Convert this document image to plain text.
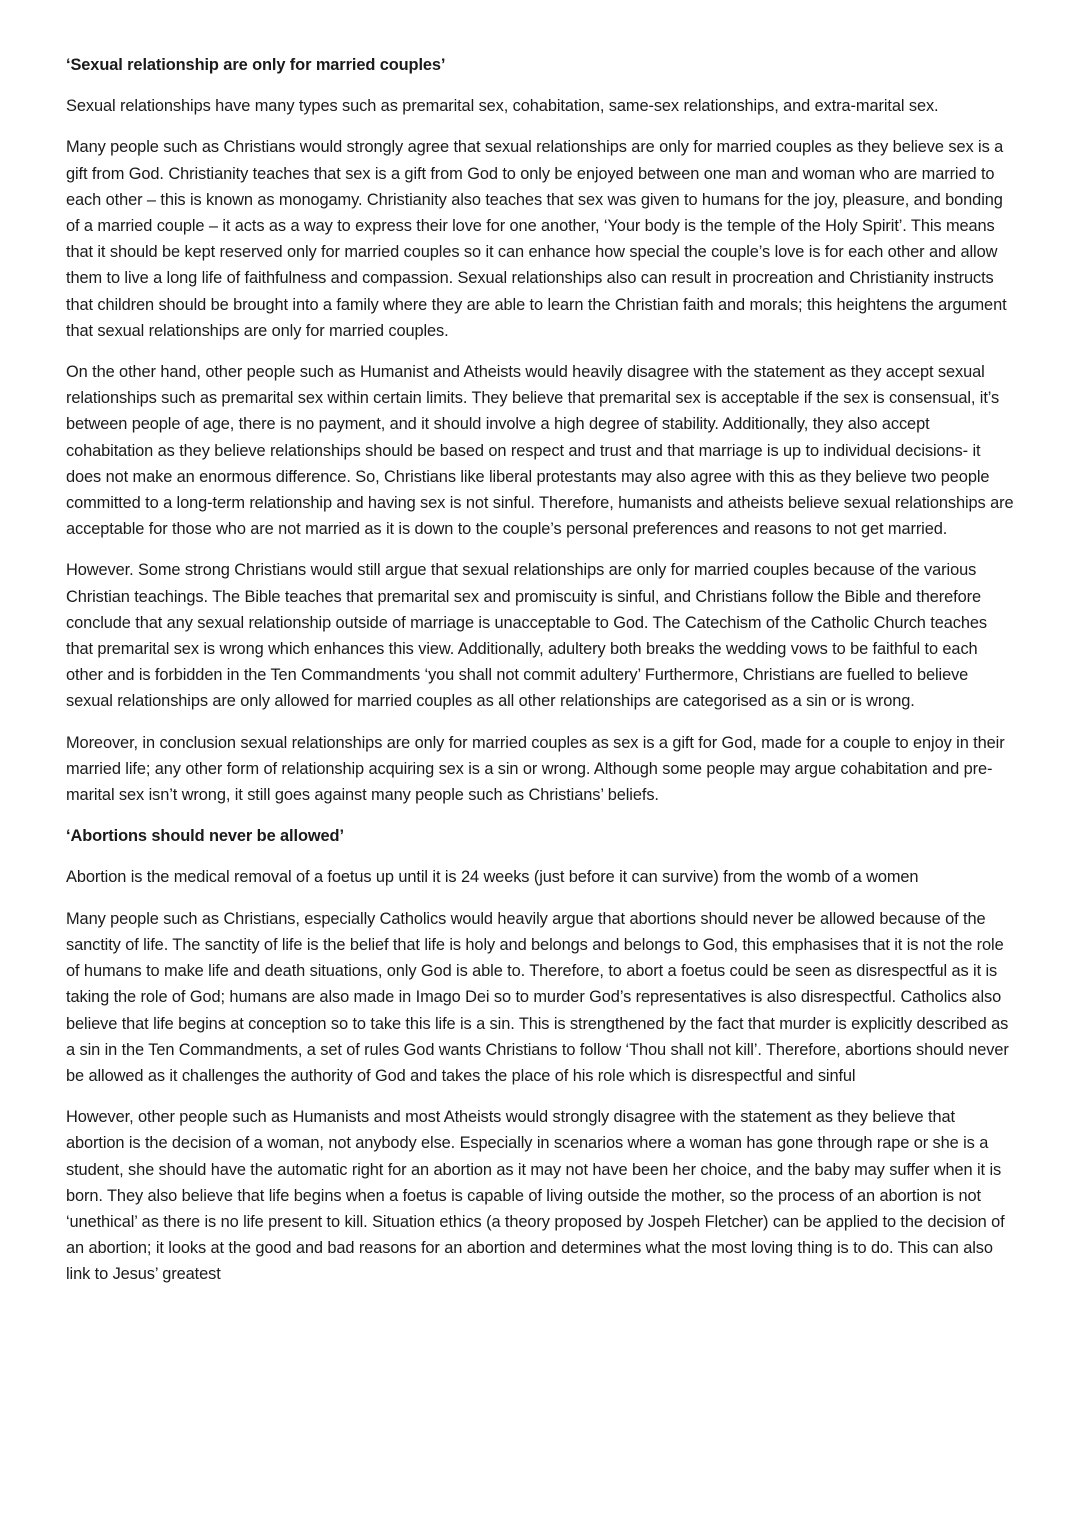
‘Sexual relationship are only for married couples’
Sexual relationships have many types such as premarital sex, cohabitation, same-sex relationships, and extra-marital sex.
Many people such as Christians would strongly agree that sexual relationships are only for married couples as they believe sex is a gift from God. Christianity teaches that sex is a gift from God to only be enjoyed between one man and woman who are married to each other – this is known as monogamy. Christianity also teaches that sex was given to humans for the joy, pleasure, and bonding of a married couple – it acts as a way to express their love for one another, ‘Your body is the temple of the Holy Spirit’. This means that it should be kept reserved only for married couples so it can enhance how special the couple’s love is for each other and allow them to live a long life of faithfulness and compassion. Sexual relationships also can result in procreation and Christianity instructs that children should be brought into a family where they are able to learn the Christian faith and morals; this heightens the argument that sexual relationships are only for married couples.
On the other hand, other people such as Humanist and Atheists would heavily disagree with the statement as they accept sexual relationships such as premarital sex within certain limits. They believe that premarital sex is acceptable if the sex is consensual, it’s between people of age, there is no payment, and it should involve a high degree of stability. Additionally, they also accept cohabitation as they believe relationships should be based on respect and trust and that marriage is up to individual decisions- it does not make an enormous difference. So, Christians like liberal protestants may also agree with this as they believe two people committed to a long-term relationship and having sex is not sinful. Therefore, humanists and atheists believe sexual relationships are acceptable for those who are not married as it is down to the couple’s personal preferences and reasons to not get married.
However. Some strong Christians would still argue that sexual relationships are only for married couples because of the various Christian teachings. The Bible teaches that premarital sex and promiscuity is sinful, and Christians follow the Bible and therefore conclude that any sexual relationship outside of marriage is unacceptable to God. The Catechism of the Catholic Church teaches that premarital sex is wrong which enhances this view. Additionally, adultery both breaks the wedding vows to be faithful to each other and is forbidden in the Ten Commandments ‘you shall not commit adultery’ Furthermore, Christians are fuelled to believe sexual relationships are only allowed for married couples as all other relationships are categorised as a sin or is wrong.
Moreover, in conclusion sexual relationships are only for married couples as sex is a gift for God, made for a couple to enjoy in their married life; any other form of relationship acquiring sex is a sin or wrong. Although some people may argue cohabitation and pre-marital sex isn’t wrong, it still goes against many people such as Christians’ beliefs.
‘Abortions should never be allowed’
Abortion is the medical removal of a foetus up until it is 24 weeks (just before it can survive) from the womb of a women
Many people such as Christians, especially Catholics would heavily argue that abortions should never be allowed because of the sanctity of life. The sanctity of life is the belief that life is holy and belongs and belongs to God, this emphasises that it is not the role of humans to make life and death situations, only God is able to. Therefore, to abort a foetus could be seen as disrespectful as it is taking the role of God; humans are also made in Imago Dei so to murder God’s representatives is also disrespectful. Catholics also believe that life begins at conception so to take this life is a sin. This is strengthened by the fact that murder is explicitly described as a sin in the Ten Commandments, a set of rules God wants Christians to follow ‘Thou shall not kill’. Therefore, abortions should never be allowed as it challenges the authority of God and takes the place of his role which is disrespectful and sinful
However, other people such as Humanists and most Atheists would strongly disagree with the statement as they believe that abortion is the decision of a woman, not anybody else. Especially in scenarios where a woman has gone through rape or she is a student, she should have the automatic right for an abortion as it may not have been her choice, and the baby may suffer when it is born. They also believe that life begins when a foetus is capable of living outside the mother, so the process of an abortion is not ‘unethical’ as there is no life present to kill. Situation ethics (a theory proposed by Jospeh Fletcher) can be applied to the decision of an abortion; it looks at the good and bad reasons for an abortion and determines what the most loving thing is to do. This can also link to Jesus’ greatest
